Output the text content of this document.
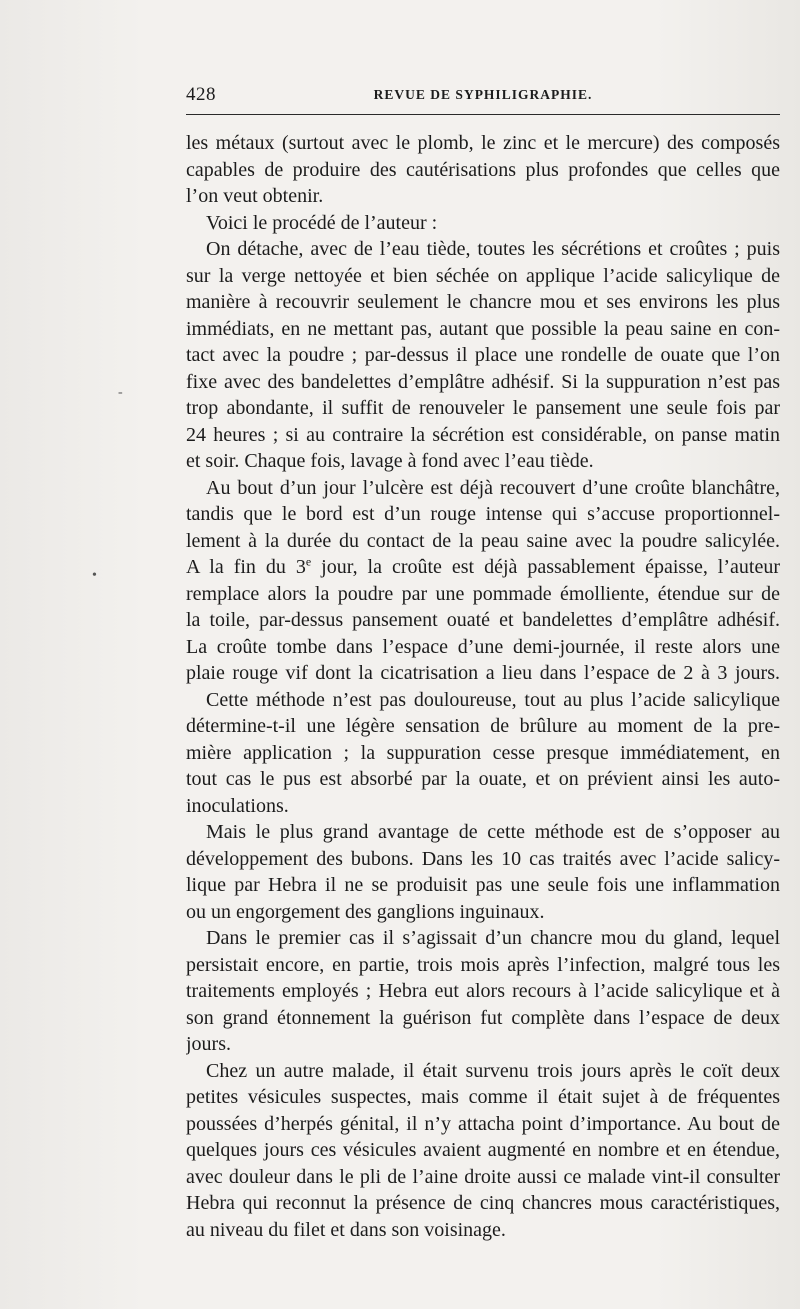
428	REVUE DE SYPHILIGRAPHIE.
les métaux (surtout avec le plomb, le zinc et le mercure) des composés
capables de produire des cautérisations plus profondes que celles que
l’on veut obtenir.
Voici le procédé de l’auteur :
On détache, avec de l’eau tiède, toutes les sécrétions et croûtes ; puis
sur la verge nettoyée et bien séchée on applique l’acide salicylique de
manière à recouvrir seulement le chancre mou et ses environs les plus
immédiats, en ne mettant pas, autant que possible la peau saine en con-
tact avec la poudre ; par-dessus il place une rondelle de ouate que l’on
fixe avec des bandelettes d’emplâtre adhésif. Si la suppuration n’est pas
trop abondante, il suffit de renouveler le pansement une seule fois par
24 heures ; si au contraire la sécrétion est considérable, on panse matin
et soir. Chaque fois, lavage à fond avec l’eau tiède.
Au bout d’un jour l’ulcère est déjà recouvert d’une croûte blanchâtre,
tandis que le bord est d’un rouge intense qui s’accuse proportionnel-
lement à la durée du contact de la peau saine avec la poudre salicylée.
A la fin du 3e jour, la croûte est déjà passablement épaisse, l’auteur
remplace alors la poudre par une pommade émolliente, étendue sur de
la toile, par-dessus pansement ouaté et bandelettes d’emplâtre adhésif.
La croûte tombe dans l’espace d’une demi-journée, il reste alors une
plaie rouge vif dont la cicatrisation a lieu dans l’espace de 2 à 3 jours.
Cette méthode n’est pas douloureuse, tout au plus l’acide salicylique
détermine-t-il une légère sensation de brûlure au moment de la pre-
mière application ; la suppuration cesse presque immédiatement, en
tout cas le pus est absorbé par la ouate, et on prévient ainsi les auto-
inoculations.
Mais le plus grand avantage de cette méthode est de s’opposer au
développement des bubons. Dans les 10 cas traités avec l’acide salicy-
lique par Hebra il ne se produisit pas une seule fois une inflammation
ou un engorgement des ganglions inguinaux.
Dans le premier cas il s’agissait d’un chancre mou du gland, lequel
persistait encore, en partie, trois mois après l’infection, malgré tous les
traitements employés ; Hebra eut alors recours à l’acide salicylique et à
son grand étonnement la guérison fut complète dans l’espace de deux
jours.
Chez un autre malade, il était survenu trois jours après le coït deux
petites vésicules suspectes, mais comme il était sujet à de fréquentes
poussées d’herpés génital, il n’y attacha point d’importance. Au bout de
quelques jours ces vésicules avaient augmenté en nombre et en étendue,
avec douleur dans le pli de l’aine droite aussi ce malade vint-il consulter
Hebra qui reconnut la présence de cinq chancres mous caractéristiques,
au niveau du filet et dans son voisinage.
-
•
